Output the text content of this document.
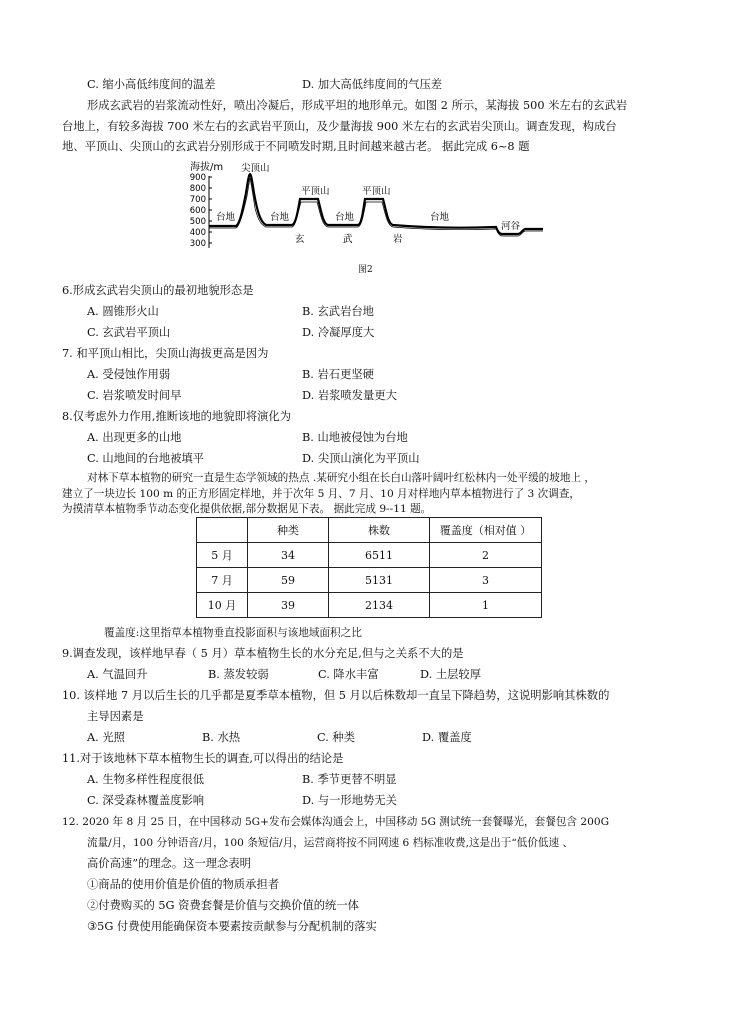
C. 缩小高低纬度间的温差	D. 加大高低纬度间的气压差
形成玄武岩的岩浆流动性好，喷出冷凝后，形成平坦的地形单元。如图 2 所示，某海拔 500 米左右的玄武岩
台地上，有较多海拔 700 米左右的玄武岩平顶山，及少量海拔 900 米左右的玄武岩尖顶山。调查发现，构成台
地、平顶山、尖顶山的玄武岩分别形成于不同喷发时期,且时间越来越古老。 据此完成 6~8 题
海拔/m
900
800
700
600
500
400
300
尖顶山
台地
平顶山
台地	台地
平顶山
台地
河谷
玄	武	岩
图2
6.形成玄武岩尖顶山的最初地貌形态是
A. 圆锥形火山	B. 玄武岩台地
C. 玄武岩平顶山	D. 冷凝厚度大
7. 和平顶山相比，尖顶山海拔更高是因为
A. 受侵蚀作用弱	B. 岩石更坚硬
C. 岩浆喷发时间早	D. 岩浆喷发量更大
8.仅考虑外力作用,推断该地的地貌即将演化为
A. 出现更多的山地	B. 山地被侵蚀为台地
C. 山地间的台地被填平	D. 尖顶山演化为平顶山
对林下草本植物的研究一直是生态学领域的热点 .某研究小组在长白山落叶阔叶红松林内一处平缓的坡地上 ，
建立了一块边长 100 m 的正方形固定样地，并于次年 5 月、7 月、10 月对样地内草本植物进行了 3 次调查，
为摸清草本植物季节动态变化提供依据,部分数据见下表。 据此完成 9--11 题。
	种类	株数	覆盖度（相对值 ）
5 月	34	6511	2
7 月	59	5131	3
10 月	39	2134	1
覆盖度:这里指草本植物垂直投影面积与该地域面积之比
9.调查发现，该样地早春（ 5 月）草本植物生长的水分充足,但与之关系不大的是
A. 气温回升	B. 蒸发较弱	C. 降水丰富	D. 土层较厚
10. 该样地 7 月以后生长的几乎都是夏季草本植物，但 5 月以后株数却一直呈下降趋势，这说明影响其株数的
主导因素是
A. 光照	B. 水热	C. 种类	D. 覆盖度
11.对于该地林下草本植物生长的调查,可以得出的结论是
A. 生物多样性程度很低	B. 季节更替不明显
C. 深受森林覆盖度影响	D. 与一形地势无关
12. 2020 年 8 月 25 日，在中国移动 5G+发布会媒体沟通会上，中国移动 5G 测试统一套餐曝光，套餐包含 200G
流量/月，100 分钟语音/月，100 条短信/月，运营商将按不同网速 6 档标准收费,这是出于“低价低速 、
高价高速”的理念。这一理念表明
①商品的使用价值是价值的物质承担者
②付费购买的 5G 资费套餐是价值与交换价值的统一体
③5G 付费使用能确保资本要素按贡献参与分配机制的落实
